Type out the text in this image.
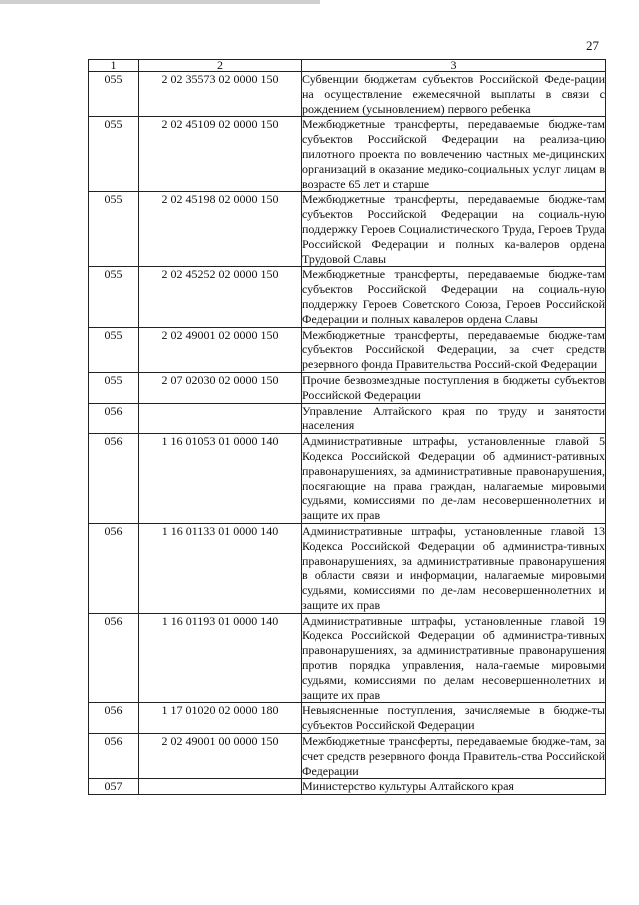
27
1	2	3
055	2 02 35573 02 0000 150	Субвенции бюджетам субъектов Российской Феде-рации на осуществление ежемесячной выплаты в связи с рождением (усыновлением) первого ребенка
055	2 02 45109 02 0000 150	Межбюджетные трансферты, передаваемые бюдже-там субъектов Российской Федерации на реализа-цию пилотного проекта по вовлечению частных ме-дицинских организаций в оказание медико-социальных услуг лицам в возрасте 65 лет и старше
055	2 02 45198 02 0000 150	Межбюджетные трансферты, передаваемые бюдже-там субъектов Российской Федерации на социаль-ную поддержку Героев Социалистического Труда, Героев Труда Российской Федерации и полных ка-валеров ордена Трудовой Славы
055	2 02 45252 02 0000 150	Межбюджетные трансферты, передаваемые бюдже-там субъектов Российской Федерации на социаль-ную поддержку Героев Советского Союза, Героев Российской Федерации и полных кавалеров ордена Славы
055	2 02 49001 02 0000 150	Межбюджетные трансферты, передаваемые бюдже-там субъектов Российской Федерации, за счет средств резервного фонда Правительства Россий-ской Федерации
055	2 07 02030 02 0000 150	Прочие безвозмездные поступления в бюджеты субъектов Российской Федерации
056		Управление Алтайского края по труду и занятости населения
056	1 16 01053 01 0000 140	Административные штрафы, установленные главой 5 Кодекса Российской Федерации об админист-ративных правонарушениях, за административные правонарушения, посягающие на права граждан, налагаемые мировыми судьями, комиссиями по де-лам несовершеннолетних и защите их прав
056	1 16 01133 01 0000 140	Административные штрафы, установленные главой 13 Кодекса Российской Федерации об администра-тивных правонарушениях, за административные правонарушения в области связи и информации, налагаемые мировыми судьями, комиссиями по де-лам несовершеннолетних и защите их прав
056	1 16 01193 01 0000 140	Административные штрафы, установленные главой 19 Кодекса Российской Федерации об администра-тивных правонарушениях, за административные правонарушения против порядка управления, нала-гаемые мировыми судьями, комиссиями по делам несовершеннолетних и защите их прав
056	1 17 01020 02 0000 180	Невыясненные поступления, зачисляемые в бюдже-ты субъектов Российской Федерации
056	2 02 49001 00 0000 150	Межбюджетные трансферты, передаваемые бюдже-там, за счет средств резервного фонда Правитель-ства Российской Федерации
057		Министерство культуры Алтайского края
